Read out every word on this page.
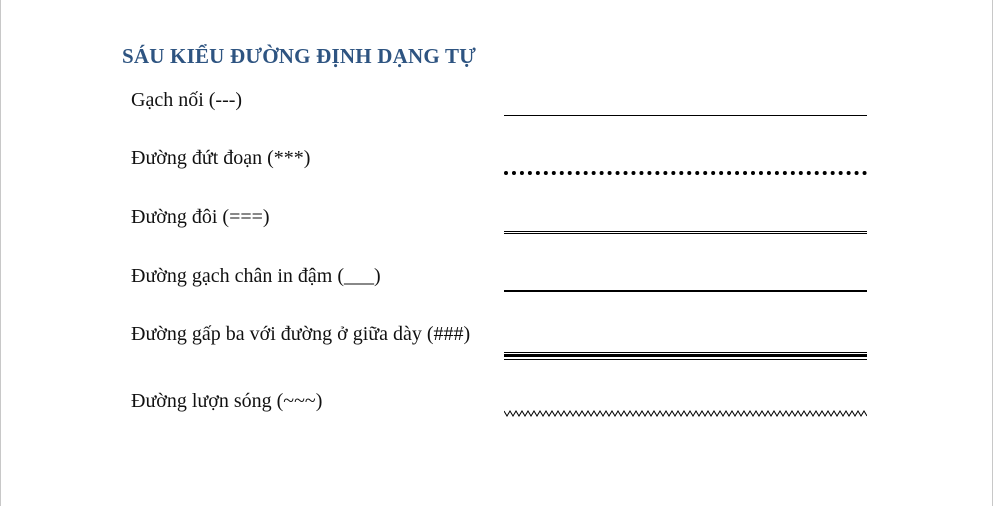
SÁU KIỂU ĐƯỜNG ĐỊNH DẠNG TỰ
Gạch nối (---)
Đường đứt đoạn (***)
Đường đôi (===)
Đường gạch chân in đậm (___)
Đường gấp ba với đường ở giữa dày (###)
Đường lượn sóng (~~~)
